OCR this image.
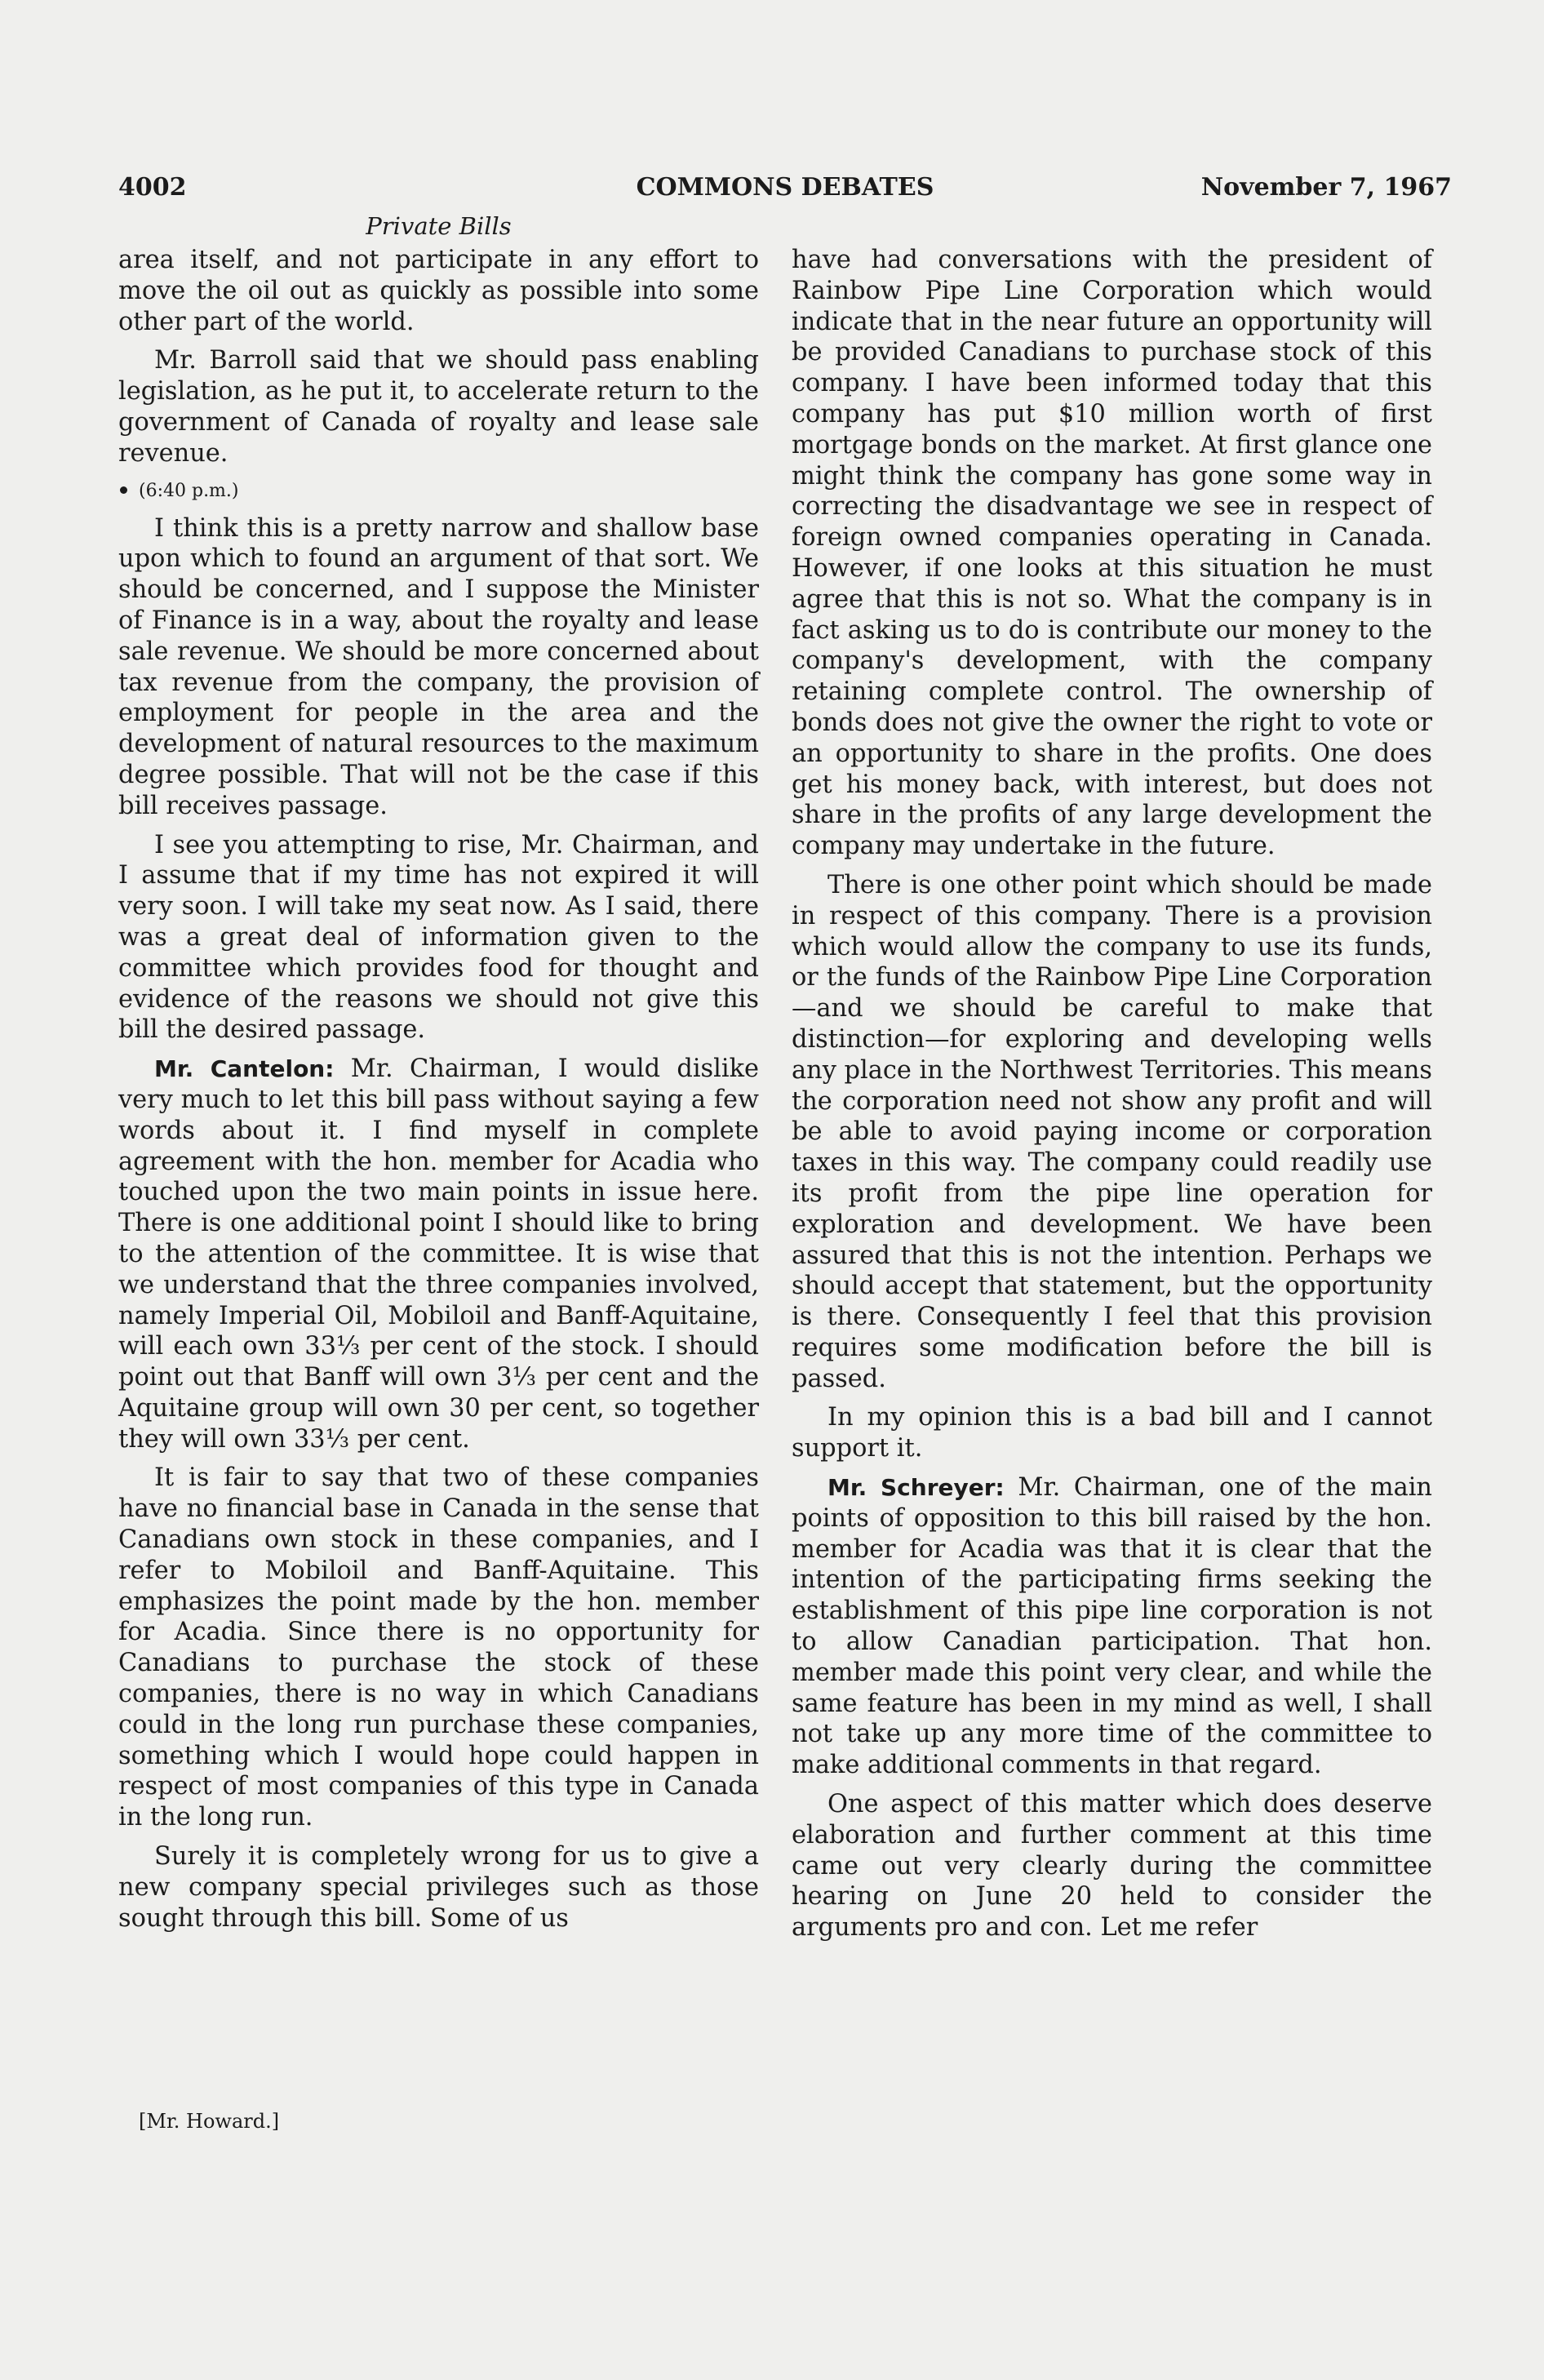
4002	COMMONS DEBATES	November 7, 1967
Private Bills

area itself, and not participate in any effort to move the oil out as quickly as possible into some other part of the world.

Mr. Barroll said that we should pass enabling legislation, as he put it, to accelerate return to the government of Canada of royalty and lease sale revenue.

(6:40 p.m.)

I think this is a pretty narrow and shallow base upon which to found an argument of that sort. We should be concerned, and I suppose the Minister of Finance is in a way, about the royalty and lease sale revenue. We should be more concerned about tax revenue from the company, the provision of employment for people in the area and the development of natural resources to the maximum degree possible. That will not be the case if this bill receives passage.

I see you attempting to rise, Mr. Chairman, and I assume that if my time has not expired it will very soon. I will take my seat now. As I said, there was a great deal of information given to the committee which provides food for thought and evidence of the reasons we should not give this bill the desired passage.

Mr. Cantelon: Mr. Chairman, I would dislike very much to let this bill pass without saying a few words about it. I find myself in complete agreement with the hon. member for Acadia who touched upon the two main points in issue here. There is one additional point I should like to bring to the attention of the committee. It is wise that we understand that the three companies involved, namely Imperial Oil, Mobiloil and Banff-Aquitaine, will each own 33⅓ per cent of the stock. I should point out that Banff will own 3⅓ per cent and the Aquitaine group will own 30 per cent, so together they will own 33⅓ per cent.

It is fair to say that two of these companies have no financial base in Canada in the sense that Canadians own stock in these companies, and I refer to Mobiloil and Banff-Aquitaine. This emphasizes the point made by the hon. member for Acadia. Since there is no opportunity for Canadians to purchase the stock of these companies, there is no way in which Canadians could in the long run purchase these companies, something which I would hope could happen in respect of most companies of this type in Canada in the long run.

Surely it is completely wrong for us to give a new company special privileges such as those sought through this bill. Some of us

have had conversations with the president of Rainbow Pipe Line Corporation which would indicate that in the near future an opportunity will be provided Canadians to purchase stock of this company. I have been informed today that this company has put $10 million worth of first mortgage bonds on the market. At first glance one might think the company has gone some way in correcting the disadvantage we see in respect of foreign owned companies operating in Canada. However, if one looks at this situation he must agree that this is not so. What the company is in fact asking us to do is contribute our money to the company's development, with the company retaining complete control. The ownership of bonds does not give the owner the right to vote or an opportunity to share in the profits. One does get his money back, with interest, but does not share in the profits of any large development the company may undertake in the future.

There is one other point which should be made in respect of this company. There is a provision which would allow the company to use its funds, or the funds of the Rainbow Pipe Line Corporation—and we should be careful to make that distinction—for exploring and developing wells any place in the Northwest Territories. This means the corporation need not show any profit and will be able to avoid paying income or corporation taxes in this way. The company could readily use its profit from the pipe line operation for exploration and development. We have been assured that this is not the intention. Perhaps we should accept that statement, but the opportunity is there. Consequently I feel that this provision requires some modification before the bill is passed.

In my opinion this is a bad bill and I cannot support it.

Mr. Schreyer: Mr. Chairman, one of the main points of opposition to this bill raised by the hon. member for Acadia was that it is clear that the intention of the participating firms seeking the establishment of this pipe line corporation is not to allow Canadian participation. That hon. member made this point very clear, and while the same feature has been in my mind as well, I shall not take up any more time of the committee to make additional comments in that regard.

One aspect of this matter which does deserve elaboration and further comment at this time came out very clearly during the committee hearing on June 20 held to consider the arguments pro and con. Let me refer

[Mr. Howard.]
